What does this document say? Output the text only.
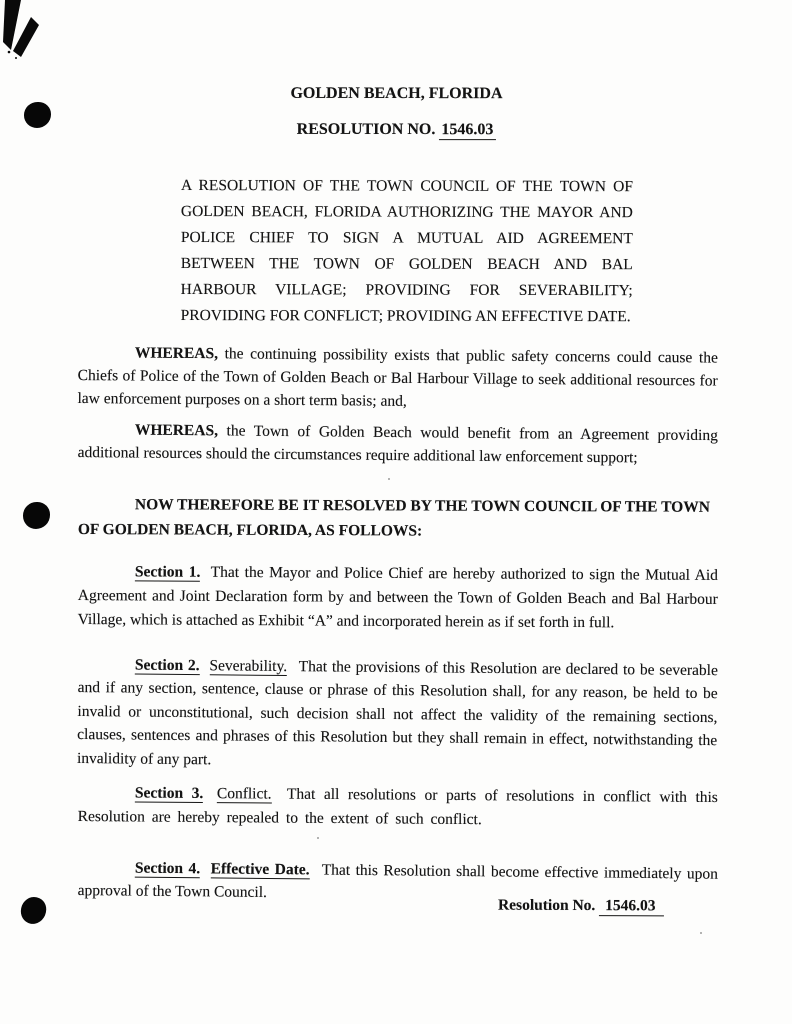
GOLDEN BEACH, FLORIDA
RESOLUTION NO. 1546.03
A RESOLUTION OF THE TOWN COUNCIL OF THE TOWN OF GOLDEN BEACH, FLORIDA AUTHORIZING THE MAYOR AND POLICE CHIEF TO SIGN A MUTUAL AID AGREEMENT BETWEEN THE TOWN OF GOLDEN BEACH AND BAL HARBOUR VILLAGE; PROVIDING FOR SEVERABILITY; PROVIDING FOR CONFLICT; PROVIDING AN EFFECTIVE DATE.
WHEREAS, the continuing possibility exists that public safety concerns could cause the Chiefs of Police of the Town of Golden Beach or Bal Harbour Village to seek additional resources for law enforcement purposes on a short term basis; and,
WHEREAS, the Town of Golden Beach would benefit from an Agreement providing additional resources should the circumstances require additional law enforcement support;
NOW THEREFORE BE IT RESOLVED BY THE TOWN COUNCIL OF THE TOWN OF GOLDEN BEACH, FLORIDA, AS FOLLOWS:
Section 1. That the Mayor and Police Chief are hereby authorized to sign the Mutual Aid Agreement and Joint Declaration form by and between the Town of Golden Beach and Bal Harbour Village, which is attached as Exhibit “A” and incorporated herein as if set forth in full.
Section 2. Severability. That the provisions of this Resolution are declared to be severable and if any section, sentence, clause or phrase of this Resolution shall, for any reason, be held to be invalid or unconstitutional, such decision shall not affect the validity of the remaining sections, clauses, sentences and phrases of this Resolution but they shall remain in effect, notwithstanding the invalidity of any part.
Section 3. Conflict. That all resolutions or parts of resolutions in conflict with this Resolution are hereby repealed to the extent of such conflict.
Section 4. Effective Date. That this Resolution shall become effective immediately upon approval of the Town Council.
Resolution No. 1546.03
